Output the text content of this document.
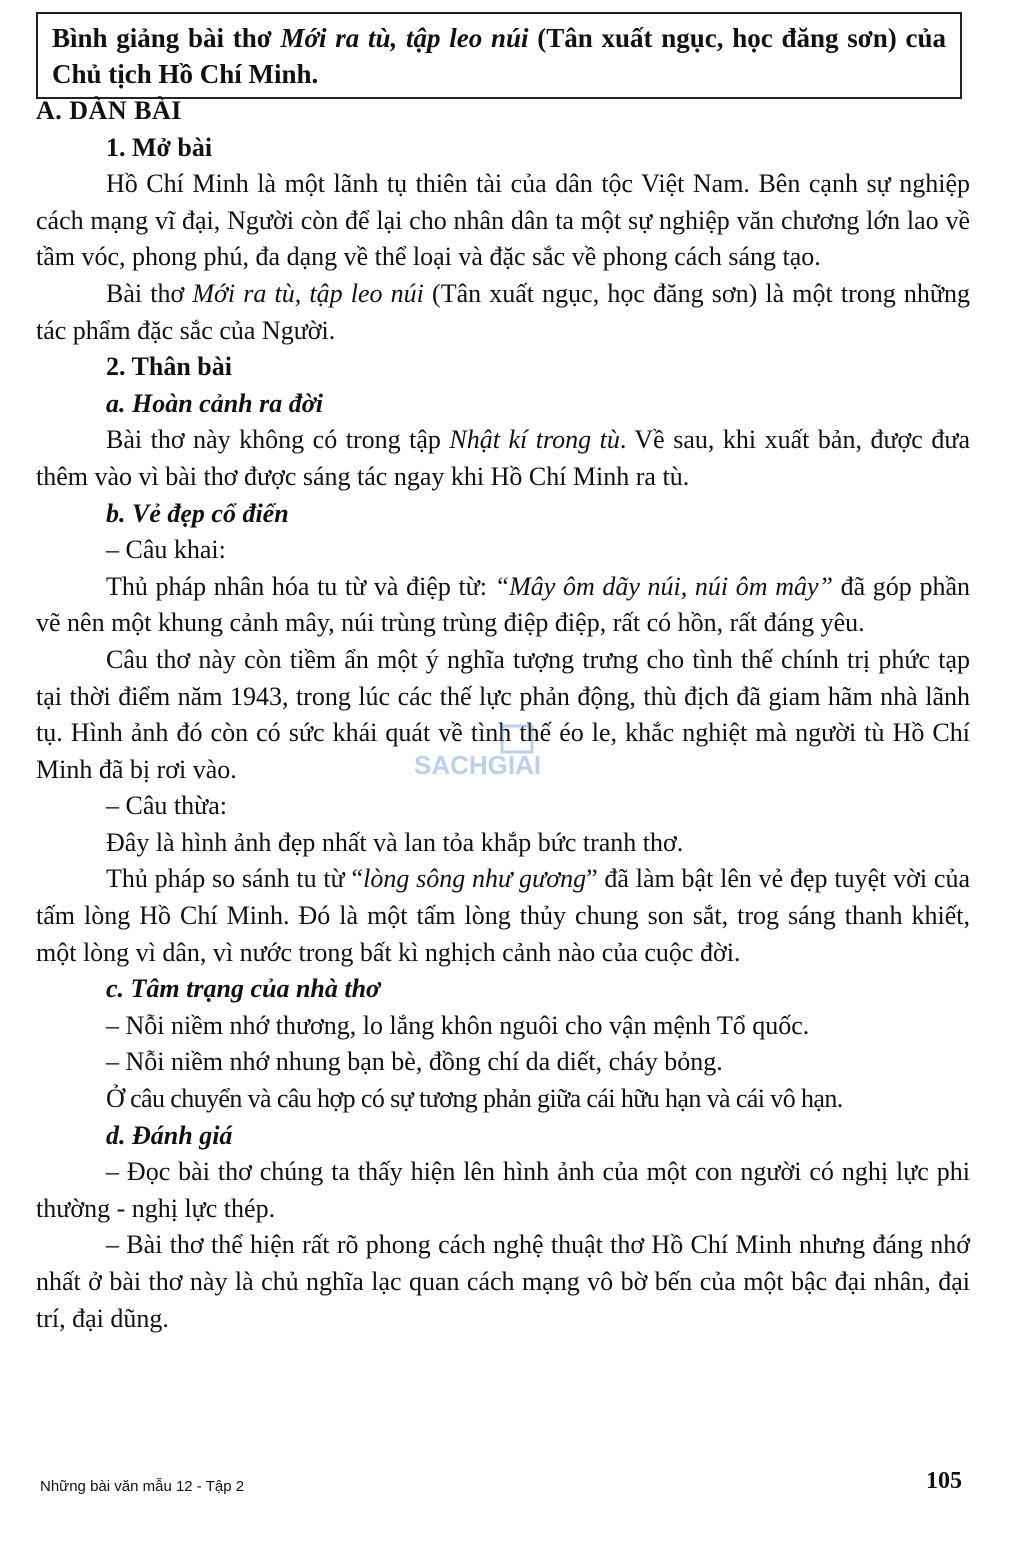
Bình giảng bài thơ Mới ra tù, tập leo núi (Tân xuất ngục, học đăng sơn) của Chủ tịch Hồ Chí Minh.

A. DÀN BÀI

1. Mở bài

Hồ Chí Minh là một lãnh tụ thiên tài của dân tộc Việt Nam. Bên cạnh sự nghiệp cách mạng vĩ đại, Người còn để lại cho nhân dân ta một sự nghiệp văn chương lớn lao về tầm vóc, phong phú, đa dạng về thể loại và đặc sắc về phong cách sáng tạo.

Bài thơ Mới ra tù, tập leo núi (Tân xuất ngục, học đăng sơn) là một trong những tác phẩm đặc sắc của Người.

2. Thân bài

a. Hoàn cảnh ra đời

Bài thơ này không có trong tập Nhật kí trong tù. Về sau, khi xuất bản, được đưa thêm vào vì bài thơ được sáng tác ngay khi Hồ Chí Minh ra tù.

b. Vẻ đẹp cổ điển

– Câu khai:

Thủ pháp nhân hóa tu từ và điệp từ: “Mây ôm dãy núi, núi ôm mây” đã góp phần vẽ nên một khung cảnh mây, núi trùng trùng điệp điệp, rất có hồn, rất đáng yêu.

Câu thơ này còn tiềm ẩn một ý nghĩa tượng trưng cho tình thế chính trị phức tạp tại thời điểm năm 1943, trong lúc các thế lực phản động, thù địch đã giam hãm nhà lãnh tụ. Hình ảnh đó còn có sức khái quát về tình thế éo le, khắc nghiệt mà người tù Hồ Chí Minh đã bị rơi vào.

– Câu thừa:

Đây là hình ảnh đẹp nhất và lan tỏa khắp bức tranh thơ.

Thủ pháp so sánh tu từ “lòng sông như gương” đã làm bật lên vẻ đẹp tuyệt vời của tấm lòng Hồ Chí Minh. Đó là một tấm lòng thủy chung son sắt, trog sáng thanh khiết, một lòng vì dân, vì nước trong bất kì nghịch cảnh nào của cuộc đời.

c. Tâm trạng của nhà thơ

– Nỗi niềm nhớ thương, lo lắng khôn nguôi cho vận mệnh Tổ quốc.

– Nỗi niềm nhớ nhung bạn bè, đồng chí da diết, cháy bỏng.

Ở câu chuyển và câu hợp có sự tương phản giữa cái hữu hạn và cái vô hạn.

d. Đánh giá

– Đọc bài thơ chúng ta thấy hiện lên hình ảnh của một con người có nghị lực phi thường - nghị lực thép.

– Bài thơ thể hiện rất rõ phong cách nghệ thuật thơ Hồ Chí Minh nhưng đáng nhớ nhất ở bài thơ này là chủ nghĩa lạc quan cách mạng vô bờ bến của một bậc đại nhân, đại trí, đại dũng.

SACHGIAI
Những bài văn mẫu 12 - Tập 2	105
